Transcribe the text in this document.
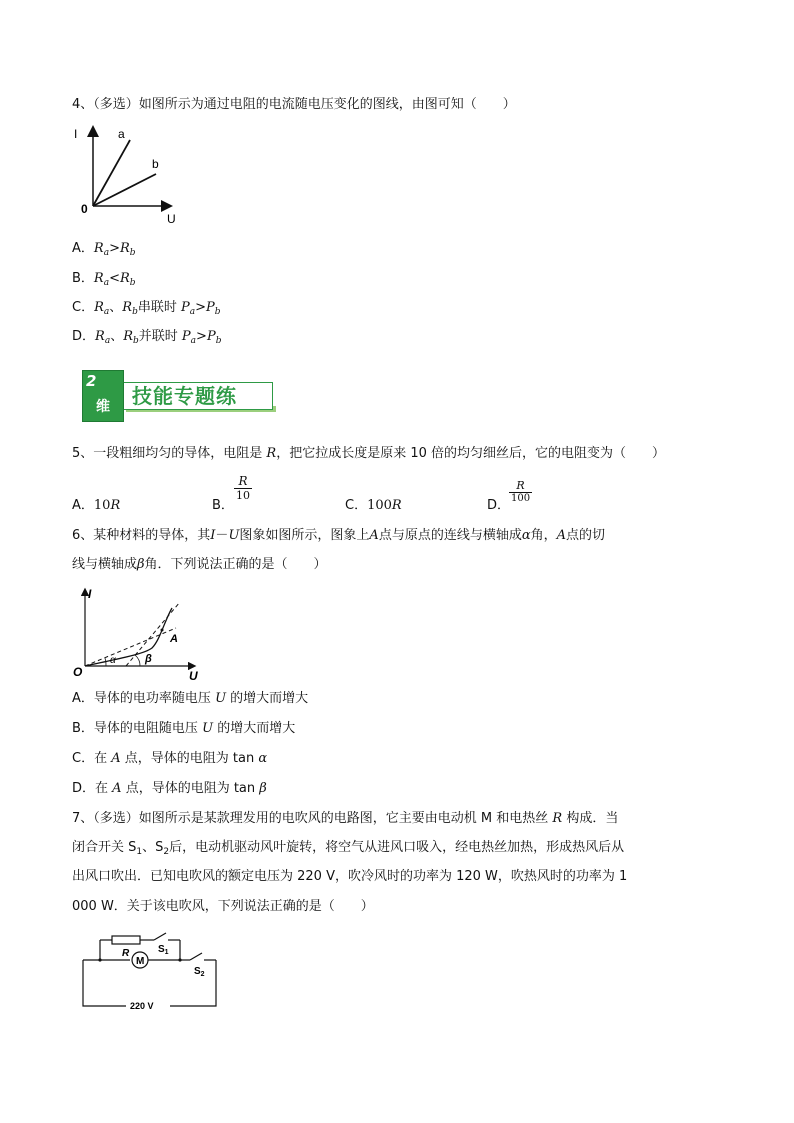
4、（多选）如图所示为通过电阻的电流随电压变化的图线，由图可知（　　）
I
U
0
a
b
A．$R_a>R_b$
B．$R_a<R_b$
C．$R_a$、$R_b$串联时 $P_a>P_b$
D．$R_a$、$R_b$并联时 $P_a>P_b$
2
维 技能专题练
5、一段粗细均匀的导体，电阻是 R，把它拉成长度是原来 10 倍的均匀细丝后，它的电阻变为（　　）
A．10R	B．
$\frac{R}{10}$
C．100R	D．
$\frac{R}{100}$
6、某种材料的导体，其I－U图象如图所示，图象上A点与原点的连线与横轴成α角，A点的切
线与横轴成β角．下列说法正确的是（　　）
I
U
O
A
α	β
A．导体的电功率随电压 U 的增大而增大
B．导体的电阻随电压 U 的增大而增大
C．在 A 点，导体的电阻为 tan α
D．在 A 点，导体的电阻为 tan β
7、（多选）如图所示是某款理发用的电吹风的电路图，它主要由电动机 M 和电热丝 R 构成．当
闭合开关 $S_1$、$S_2$后，电动机驱动风叶旋转，将空气从进风口吸入，经电热丝加热，形成热风后从
出风口吹出．已知电吹风的额定电压为 220 V，吹冷风时的功率为 120 W，吹热风时的功率为 1
000 W．关于该电吹风，下列说法正确的是（　　）
R	$S_1$
$S_2$
M
220 V
